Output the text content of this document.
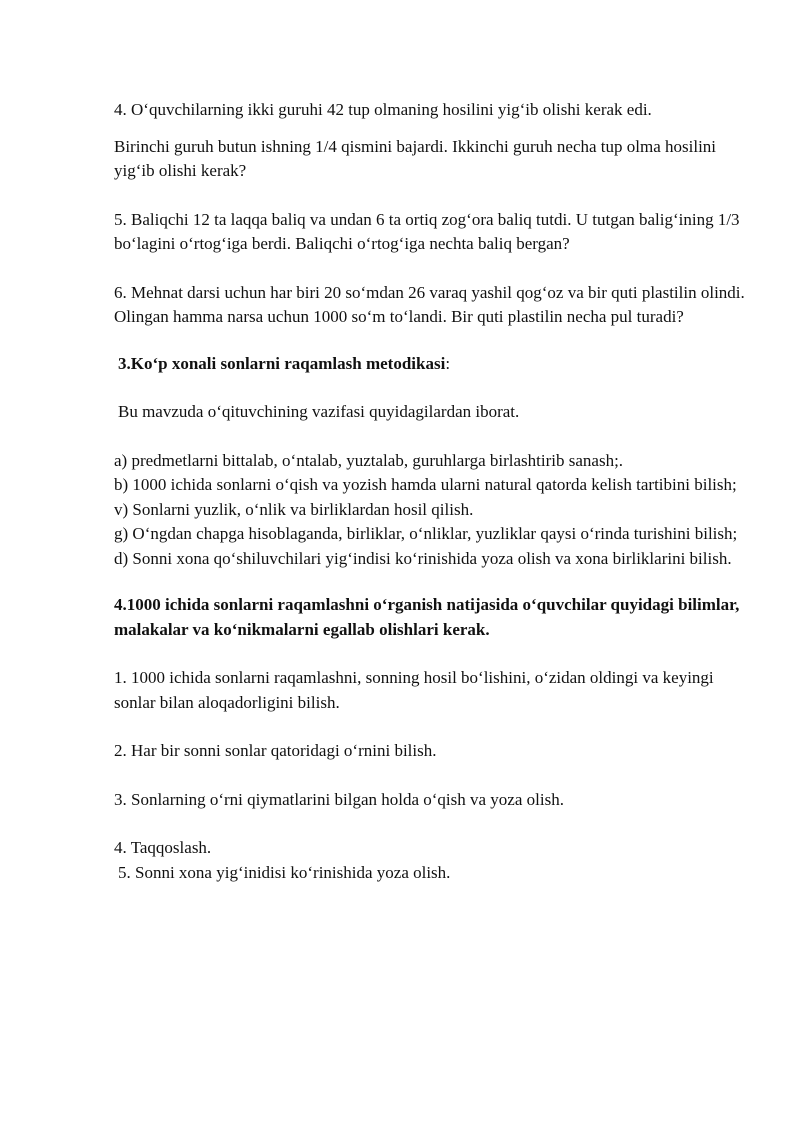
4. O‘quvchilarning ikki guruhi 42 tup olmaning hosilini yig‘ib olishi kerak edi.

Birinchi guruh butun ishning 1/4 qismini bajardi. Ikkinchi guruh necha tup olma hosilini yig‘ib olishi kerak?

5. Baliqchi 12 ta laqqa baliq va undan 6 ta ortiq zog‘ora baliq tutdi. U tutgan balig‘ining 1/3 bo‘lagini o‘rtog‘iga berdi. Baliqchi o‘rtog‘iga nechta baliq bergan?

6. Mehnat darsi uchun har biri 20 so‘mdan 26 varaq yashil qog‘oz va bir quti plastilin olindi. Olingan hamma narsa uchun 1000 so‘m to‘landi. Bir quti plastilin necha pul turadi?

3.Ko‘p xonali sonlarni raqamlash metodikasi:

Bu mavzuda o‘qituvchining vazifasi quyidagilardan iborat.

a) predmetlarni bittalab, o‘ntalab, yuztalab, guruhlarga birlashtirib sanash;.
b) 1000 ichida sonlarni o‘qish va yozish hamda ularni natural qatorda kelish tartibini bilish;
v) Sonlarni yuzlik, o‘nlik va birliklardan hosil qilish.
g) O‘ngdan chapga hisoblaganda, birliklar, o‘nliklar, yuzliklar qaysi o‘rinda turishini bilish;
d) Sonni xona qo‘shiluvchilari yig‘indisi ko‘rinishida yoza olish va xona birliklarini bilish.

4.1000 ichida sonlarni raqamlashni o‘rganish natijasida o‘quvchilar quyidagi bilimlar, malakalar va ko‘nikmalarni egallab olishlari kerak.

1. 1000 ichida sonlarni raqamlashni, sonning hosil bo‘lishini, o‘zidan oldingi va keyingi sonlar bilan aloqadorligini bilish.

2. Har bir sonni sonlar qatoridagi o‘rnini bilish.

3. Sonlarning o‘rni qiymatlarini bilgan holda o‘qish va yoza olish.

4. Taqqoslash.

5. Sonni xona yig‘inidisi ko‘rinishida yoza olish.
